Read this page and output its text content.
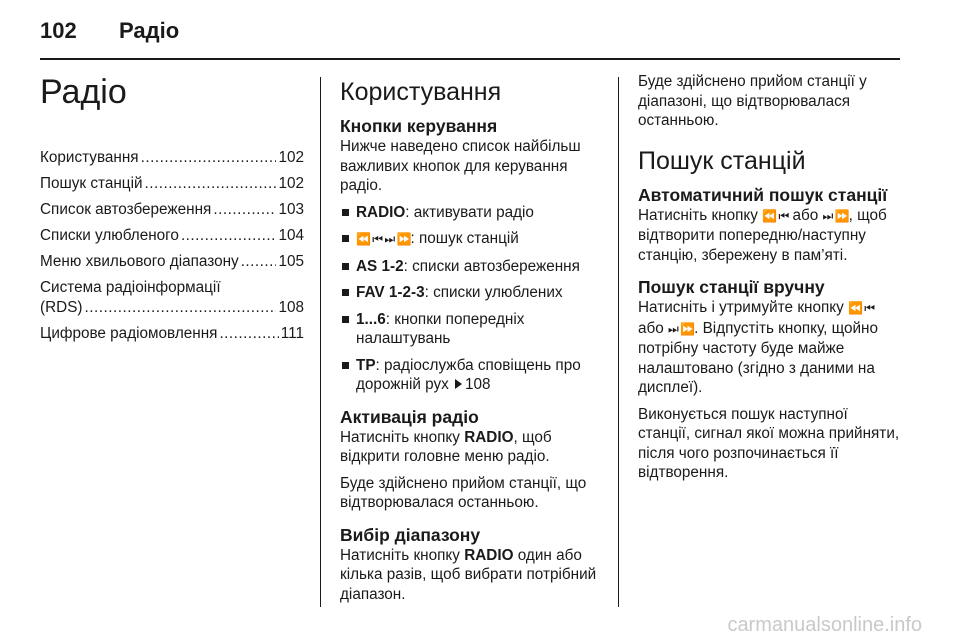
102 Радіо
Радіо
Користування .....	102
Пошук станцій .....	102
Список автозбереження .....	103
Списки улюбленого .....	104
Меню хвильового діапазону .....	105
Система радіоінформації
(RDS) .....	108
Цифрове радіомовлення .....	111
Користування
Кнопки керування

Нижче наведено список найбільш важливих кнопок для керування радіо.

RADIO: активувати радіо
⏪ ⏮ ⏭ ⏩: пошук станцій
AS 1-2: списки автозбереження
FAV 1-2-3: списки улюблених
1...6: кнопки попередніх налаштувань
TP: радіослужба сповіщень про дорожній рух 108
Активація радіо

Натисніть кнопку RADIO, щоб відкрити головне меню радіо.

Буде здійснено прийом станції, що відтворювалася останньою.

Вибір діапазону

Натисніть кнопку RADIO один або кілька разів, щоб вибрати потрібний діапазон.

Буде здійснено прийом станції у діапазоні, що відтворювалася останньою.

Пошук станцій
Автоматичний пошук станції

Натисніть кнопку ⏪ ⏮ або ⏭ ⏩, щоб відтворити попередню/наступну станцію, збережену в пам’яті.

Пошук станції вручну

Натисніть і утримуйте кнопку ⏪ ⏮ або ⏭ ⏩. Відпустіть кнопку, щойно потрібну частоту буде майже налаштовано (згідно з даними на дисплеї).

Виконується пошук наступної станції, сигнал якої можна прийняти, після чого розпочинається її відтворення.

carmanualsonline.info
